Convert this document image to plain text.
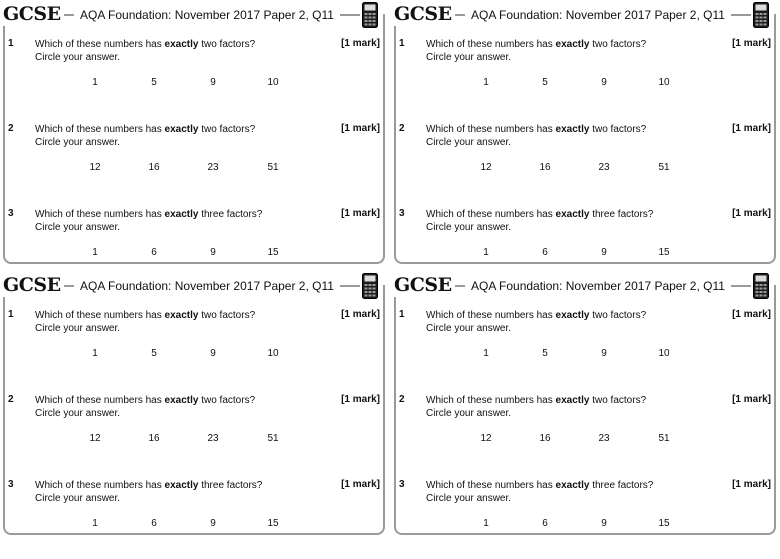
GCSE AQA Foundation: November 2017 Paper 2, Q11
1 Which of these numbers has exactly two factors?
Circle your answer.
[1 mark]
1	5	9	10
2 Which of these numbers has exactly two factors?
Circle your answer.
[1 mark]
12	16	23	51
3 Which of these numbers has exactly three factors?
Circle your answer.
[1 mark]
1	6	9	15
GCSE AQA Foundation: November 2017 Paper 2, Q11
1 Which of these numbers has exactly two factors?
Circle your answer.
[1 mark]
1	5	9	10
2 Which of these numbers has exactly two factors?
Circle your answer.
[1 mark]
12	16	23	51
3 Which of these numbers has exactly three factors?
Circle your answer.
[1 mark]
1	6	9	15
GCSE AQA Foundation: November 2017 Paper 2, Q11
1 Which of these numbers has exactly two factors?
Circle your answer.
[1 mark]
1	5	9	10
2 Which of these numbers has exactly two factors?
Circle your answer.
[1 mark]
12	16	23	51
3 Which of these numbers has exactly three factors?
Circle your answer.
[1 mark]
1	6	9	15
GCSE AQA Foundation: November 2017 Paper 2, Q11
1 Which of these numbers has exactly two factors?
Circle your answer.
[1 mark]
1	5	9	10
2 Which of these numbers has exactly two factors?
Circle your answer.
[1 mark]
12	16	23	51
3 Which of these numbers has exactly three factors?
Circle your answer.
[1 mark]
1	6	9	15
